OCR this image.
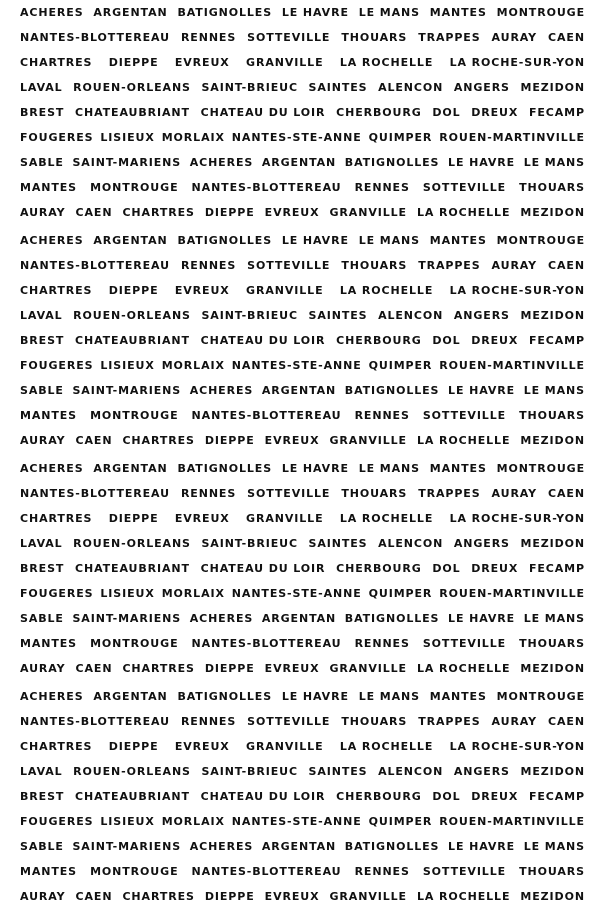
ACHERES ARGENTAN BATIGNOLLES LE HAVRE LE MANS MANTES MONTROUGE
NANTES-BLOTTEREAU RENNES SOTTEVILLE THOUARS TRAPPES AURAY CAEN
CHARTRES DIEPPE EVREUX GRANVILLE LA ROCHELLE LA ROCHE-SUR-YON
LAVAL ROUEN-ORLEANS SAINT-BRIEUC SAINTES ALENCON ANGERS MEZIDON
BREST CHATEAUBRIANT CHATEAU DU LOIR CHERBOURG DOL DREUX FECAMP
FOUGERES LISIEUX MORLAIX NANTES-STE-ANNE QUIMPER ROUEN-MARTINVILLE
SABLE SAINT-MARIENS ACHERES ARGENTAN BATIGNOLLES LE HAVRE LE MANS
MANTES MONTROUGE NANTES-BLOTTEREAU RENNES SOTTEVILLE THOUARS
AURAY CAEN CHARTRES DIEPPE EVREUX GRANVILLE LA ROCHELLE MEZIDON
ACHERES ARGENTAN BATIGNOLLES LE HAVRE LE MANS MANTES MONTROUGE
NANTES-BLOTTEREAU RENNES SOTTEVILLE THOUARS TRAPPES AURAY CAEN
CHARTRES DIEPPE EVREUX GRANVILLE LA ROCHELLE LA ROCHE-SUR-YON
LAVAL ROUEN-ORLEANS SAINT-BRIEUC SAINTES ALENCON ANGERS MEZIDON
BREST CHATEAUBRIANT CHATEAU DU LOIR CHERBOURG DOL DREUX FECAMP
FOUGERES LISIEUX MORLAIX NANTES-STE-ANNE QUIMPER ROUEN-MARTINVILLE
SABLE SAINT-MARIENS ACHERES ARGENTAN BATIGNOLLES LE HAVRE LE MANS
MANTES MONTROUGE NANTES-BLOTTEREAU RENNES SOTTEVILLE THOUARS
AURAY CAEN CHARTRES DIEPPE EVREUX GRANVILLE LA ROCHELLE MEZIDON
ACHERES ARGENTAN BATIGNOLLES LE HAVRE LE MANS MANTES MONTROUGE
NANTES-BLOTTEREAU RENNES SOTTEVILLE THOUARS TRAPPES AURAY CAEN
CHARTRES DIEPPE EVREUX GRANVILLE LA ROCHELLE LA ROCHE-SUR-YON
LAVAL ROUEN-ORLEANS SAINT-BRIEUC SAINTES ALENCON ANGERS MEZIDON
BREST CHATEAUBRIANT CHATEAU DU LOIR CHERBOURG DOL DREUX FECAMP
FOUGERES LISIEUX MORLAIX NANTES-STE-ANNE QUIMPER ROUEN-MARTINVILLE
SABLE SAINT-MARIENS ACHERES ARGENTAN BATIGNOLLES LE HAVRE LE MANS
MANTES MONTROUGE NANTES-BLOTTEREAU RENNES SOTTEVILLE THOUARS
AURAY CAEN CHARTRES DIEPPE EVREUX GRANVILLE LA ROCHELLE MEZIDON
ACHERES ARGENTAN BATIGNOLLES LE HAVRE LE MANS MANTES MONTROUGE
NANTES-BLOTTEREAU RENNES SOTTEVILLE THOUARS TRAPPES AURAY CAEN
CHARTRES DIEPPE EVREUX GRANVILLE LA ROCHELLE LA ROCHE-SUR-YON
LAVAL ROUEN-ORLEANS SAINT-BRIEUC SAINTES ALENCON ANGERS MEZIDON
BREST CHATEAUBRIANT CHATEAU DU LOIR CHERBOURG DOL DREUX FECAMP
FOUGERES LISIEUX MORLAIX NANTES-STE-ANNE QUIMPER ROUEN-MARTINVILLE
SABLE SAINT-MARIENS ACHERES ARGENTAN BATIGNOLLES LE HAVRE LE MANS
MANTES MONTROUGE NANTES-BLOTTEREAU RENNES SOTTEVILLE THOUARS
AURAY CAEN CHARTRES DIEPPE EVREUX GRANVILLE LA ROCHELLE MEZIDON
